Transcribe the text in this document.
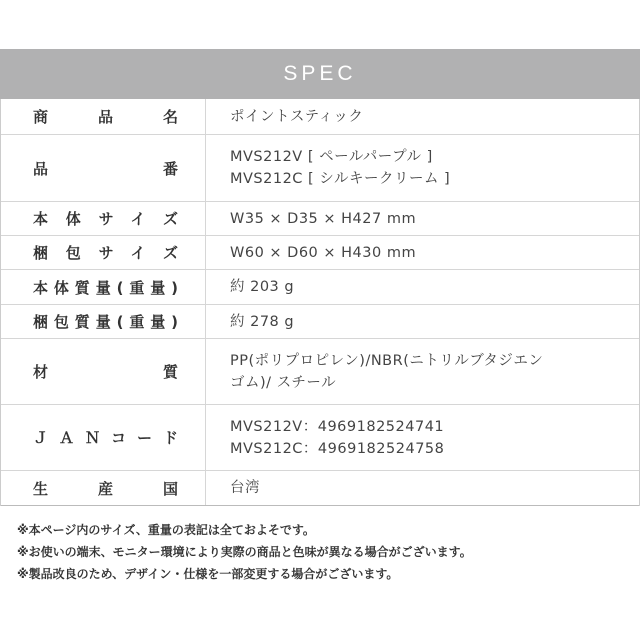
SPEC
商品名 ポイントスティック
品番
MVS212V [ ペールパープル ]
MVS212C [ シルキークリーム ]
本体サイズ W35 × D35 × H427 mm
梱包サイズ W60 × D60 × H430 mm
本体質量(重量)	約 203 g
梱包質量(重量)	約 278 g
材質
PP(ポリプロピレン)/NBR(ニトリルブタジエン
ゴム)/ スチール
ＪＡＮコード
MVS212V：4969182524741
MVS212C：4969182524758
生産国 台湾
※本ページ内のサイズ、重量の表記は全ておよそです。
※お使いの端末、モニター環境により実際の商品と色味が異なる場合がございます。
※製品改良のため、デザイン・仕様を一部変更する場合がございます。
